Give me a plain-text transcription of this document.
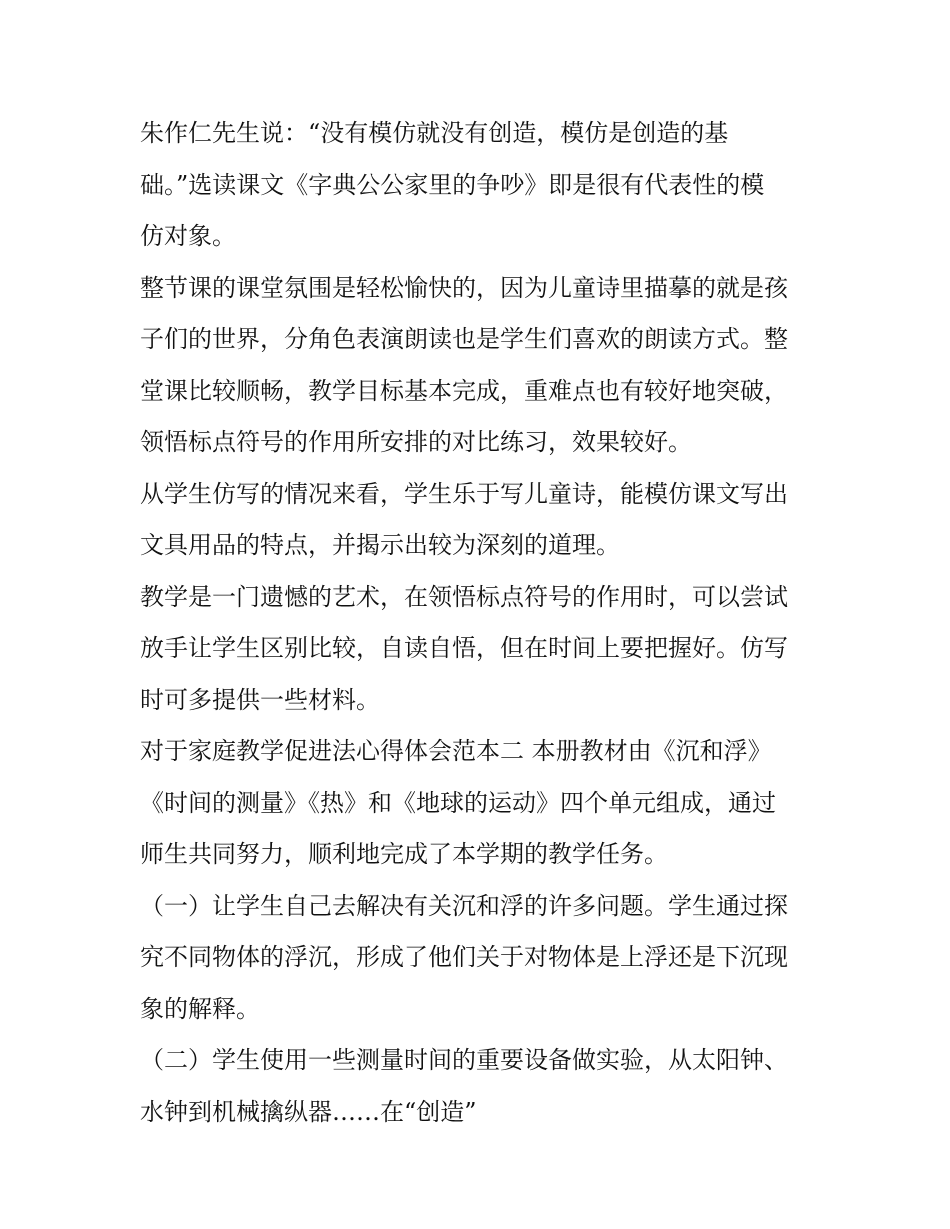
朱作仁先生说：“没有模仿就没有创造，模仿是创造的基
础。”选读课文《字典公公家里的争吵》即是很有代表性的模
仿对象。
整节课的课堂氛围是轻松愉快的，因为儿童诗里描摹的就是孩
子们的世界，分角色表演朗读也是学生们喜欢的朗读方式。整
堂课比较顺畅，教学目标基本完成，重难点也有较好地突破，
领悟标点符号的作用所安排的对比练习，效果较好。
从学生仿写的情况来看，学生乐于写儿童诗，能模仿课文写出
文具用品的特点，并揭示出较为深刻的道理。
教学是一门遗憾的艺术，在领悟标点符号的作用时，可以尝试
放手让学生区别比较，自读自悟，但在时间上要把握好。仿写
时可多提供一些材料。
对于家庭教学促进法心得体会范本二 本册教材由《沉和浮》
《时间的测量》《热》和《地球的运动》四个单元组成，通过
师生共同努力，顺利地完成了本学期的教学任务。
（一）让学生自己去解决有关沉和浮的许多问题。学生通过探
究不同物体的浮沉，形成了他们关于对物体是上浮还是下沉现
象的解释。
（二）学生使用一些测量时间的重要设备做实验，从太阳钟、
水钟到机械擒纵器……在“创造”
